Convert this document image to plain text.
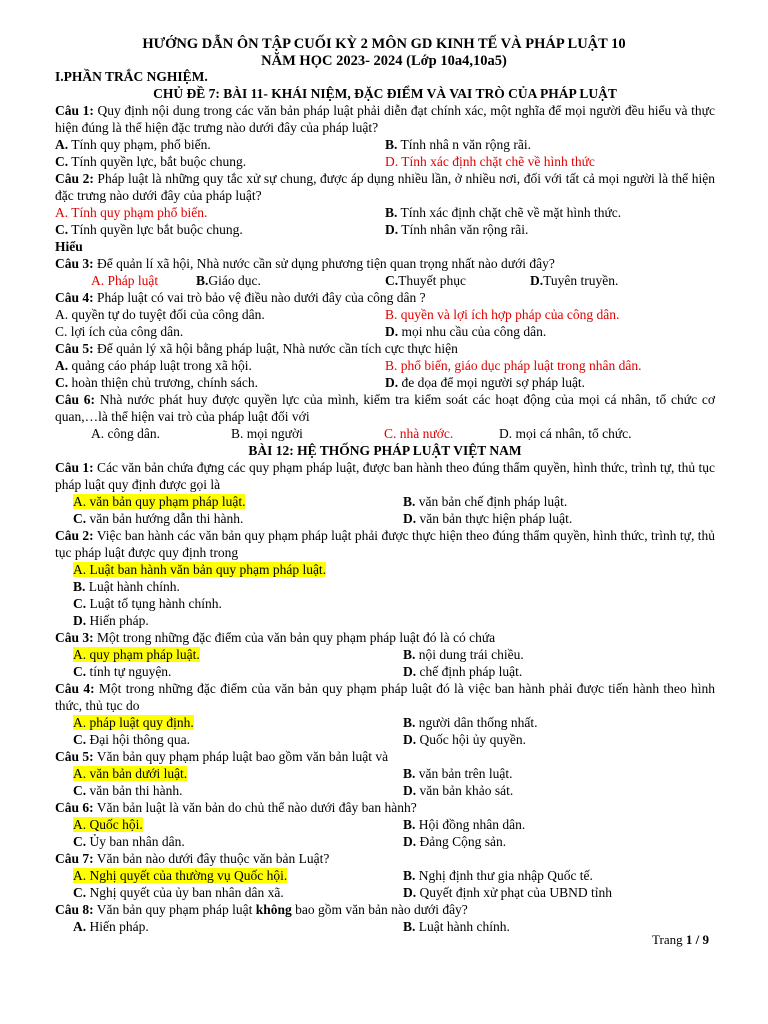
HƯỚNG DẪN ÔN TẬP CUỐI KỲ 2 MÔN GD KINH TẾ VÀ PHÁP LUẬT 10
NĂM HỌC 2023- 2024 (Lớp 10a4,10a5)
I.PHẦN TRẮC NGHIỆM.
CHỦ ĐỀ 7: BÀI 11- KHÁI NIỆM, ĐẶC ĐIỂM VÀ VAI TRÒ CỦA PHÁP LUẬT
Câu 1: Quy định nội dung trong các văn bản pháp luật phải diễn đạt chính xác, một nghĩa để mọi người đều hiểu và thực hiện đúng là thể hiện đặc trưng nào dưới đây của pháp luật?
A. Tính quy phạm, phổ biến.	B. Tính nhâ n văn rộng rãi.
C. Tính quyền lực, bắt buộc chung.	D. Tính xác định chặt chẽ về hình thức
Câu 2: Pháp luật là những quy tắc xử sự chung, được áp dụng nhiều lần, ở nhiều nơi, đối với tất cả mọi người là thể hiện đặc trưng nào dưới đây của pháp luật?
A. Tính quy phạm phổ biến.	B. Tính xác định chặt chẽ về mặt hình thức.
C. Tính quyền lực bắt buộc chung.	D. Tính nhân văn rộng rãi.
Hiểu
Câu 3: Để quản lí xã hội, Nhà nước cần sử dụng phương tiện quan trọng nhất nào dưới đây?
A. Pháp luật	B.Giáo dục.	C.Thuyết phục	D.Tuyên truyền.
Câu 4: Pháp luật có vai trò bảo vệ điều nào dưới đây của công dân ?
A. quyền tự do tuyệt đối của công dân.	B. quyền và lợi ích hợp pháp của công dân.
C. lợi ích của công dân.	D. mọi nhu cầu của công dân.
Câu 5: Để quản lý xã hội bằng pháp luật, Nhà nước cần tích cực thực hiện
A. quảng cáo pháp luật trong xã hội.	B. phổ biến, giáo dục pháp luật trong nhân dân.
C. hoàn thiện chủ trương, chính sách.	D. đe dọa để mọi người sợ pháp luật.
Câu 6: Nhà nước phát huy được quyền lực của mình, kiểm tra kiểm soát các hoạt động của mọi cá nhân, tổ chức cơ quan,…là thể hiện vai trò của pháp luật đối với
A. công dân.	B. mọi người	C. nhà nước.	D. mọi cá nhân, tổ chức.
BÀI 12: HỆ THỐNG PHÁP LUẬT VIỆT NAM
Câu 1: Các văn bản chứa đựng các quy phạm pháp luật, được ban hành theo đúng thẩm quyền, hình thức, trình tự, thủ tục pháp luật quy định được gọi là
A. văn bản quy phạm pháp luật.	B. văn bản chế định pháp luật.
C. văn bản hướng dẫn thi hành.	D. văn bản thực hiện pháp luật.
Câu 2: Việc ban hành các văn bản quy phạm pháp luật phải được thực hiện theo đúng thẩm quyền, hình thức, trình tự, thủ tục pháp luật được quy định trong
A. Luật ban hành văn bản quy phạm pháp luật.
B. Luật hành chính.
C. Luật tố tụng hành chính.
D. Hiến pháp.
Câu 3: Một trong những đặc điểm của văn bản quy phạm pháp luật đó là có chứa
A. quy phạm pháp luật.	B. nội dung trái chiều.
C. tính tự nguyện.	D. chế định pháp luật.
Câu 4: Một trong những đặc điểm của văn bản quy phạm pháp luật đó là việc ban hành phải được tiến hành theo hình thức, thủ tục do
A. pháp luật quy định.	B. người dân thống nhất.
C. Đại hội thông qua.	D. Quốc hội ủy quyền.
Câu 5: Văn bản quy phạm pháp luật bao gồm văn bản luật và
A. văn bản dưới luật.	B. văn bản trên luật.
C. văn bản thi hành.	D. văn bản khảo sát.
Câu 6: Văn bản luật là văn bản do chủ thể nào dưới đây ban hành?
A. Quốc hội.	B. Hội đồng nhân dân.
C. Ủy ban nhân dân.	D. Đảng Cộng sản.
Câu 7: Văn bản nào dưới đây thuộc văn bản Luật?
A. Nghị quyết của thường vụ Quốc hội.	B. Nghị định thư gia nhập Quốc tế.
C. Nghị quyết của ủy ban nhân dân xã.	D. Quyết định xử phạt của UBND tỉnh
Câu 8: Văn bản quy phạm pháp luật không bao gồm văn bản nào dưới đây?
A. Hiến pháp.	B. Luật hành chính.
Trang 1 / 9
